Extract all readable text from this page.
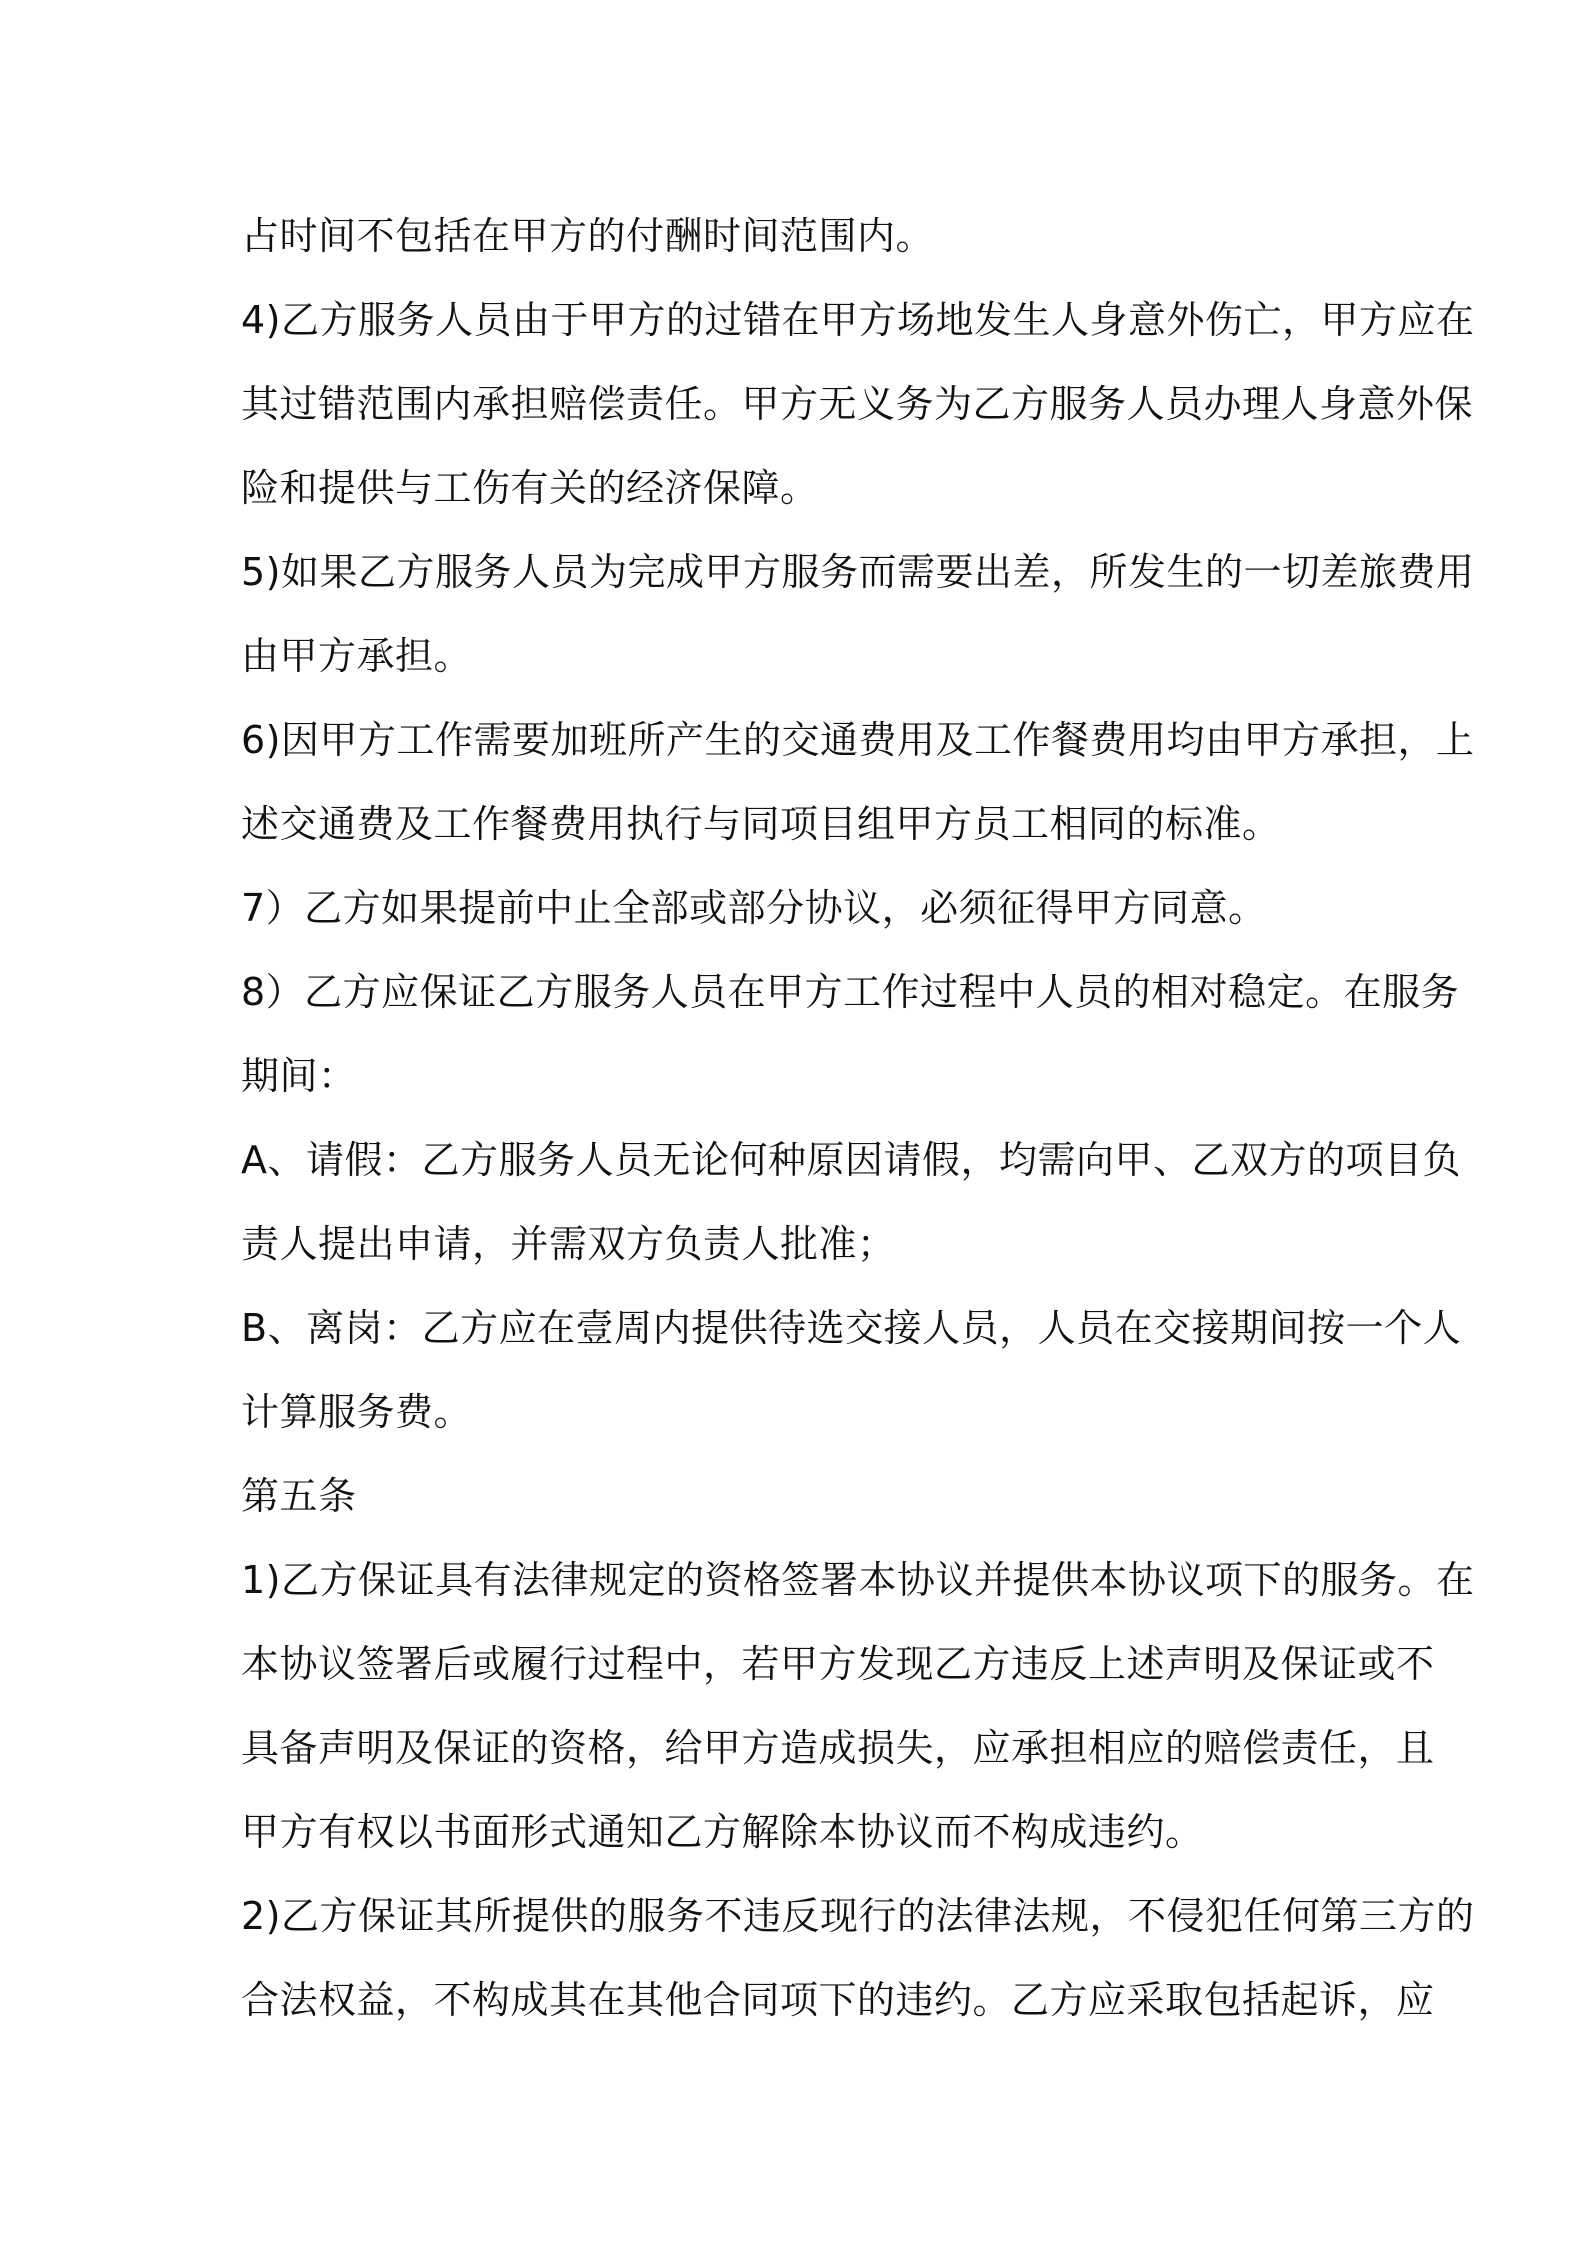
占时间不包括在甲方的付酬时间范围内。
4)乙方服务人员由于甲方的过错在甲方场地发生人身意外伤亡，甲方应在
其过错范围内承担赔偿责任。甲方无义务为乙方服务人员办理人身意外保
险和提供与工伤有关的经济保障。
5)如果乙方服务人员为完成甲方服务而需要出差，所发生的一切差旅费用
由甲方承担。
6)因甲方工作需要加班所产生的交通费用及工作餐费用均由甲方承担，上
述交通费及工作餐费用执行与同项目组甲方员工相同的标准。
7）乙方如果提前中止全部或部分协议，必须征得甲方同意。
8）乙方应保证乙方服务人员在甲方工作过程中人员的相对稳定。在服务
期间：
A、请假：乙方服务人员无论何种原因请假，均需向甲、乙双方的项目负
责人提出申请，并需双方负责人批准；
B、离岗：乙方应在壹周内提供待选交接人员，人员在交接期间按一个人
计算服务费。
第五条
1)乙方保证具有法律规定的资格签署本协议并提供本协议项下的服务。在
本协议签署后或履行过程中，若甲方发现乙方违反上述声明及保证或不
具备声明及保证的资格，给甲方造成损失，应承担相应的赔偿责任，且
甲方有权以书面形式通知乙方解除本协议而不构成违约。
2)乙方保证其所提供的服务不违反现行的法律法规，不侵犯任何第三方的
合法权益，不构成其在其他合同项下的违约。乙方应采取包括起诉，应
